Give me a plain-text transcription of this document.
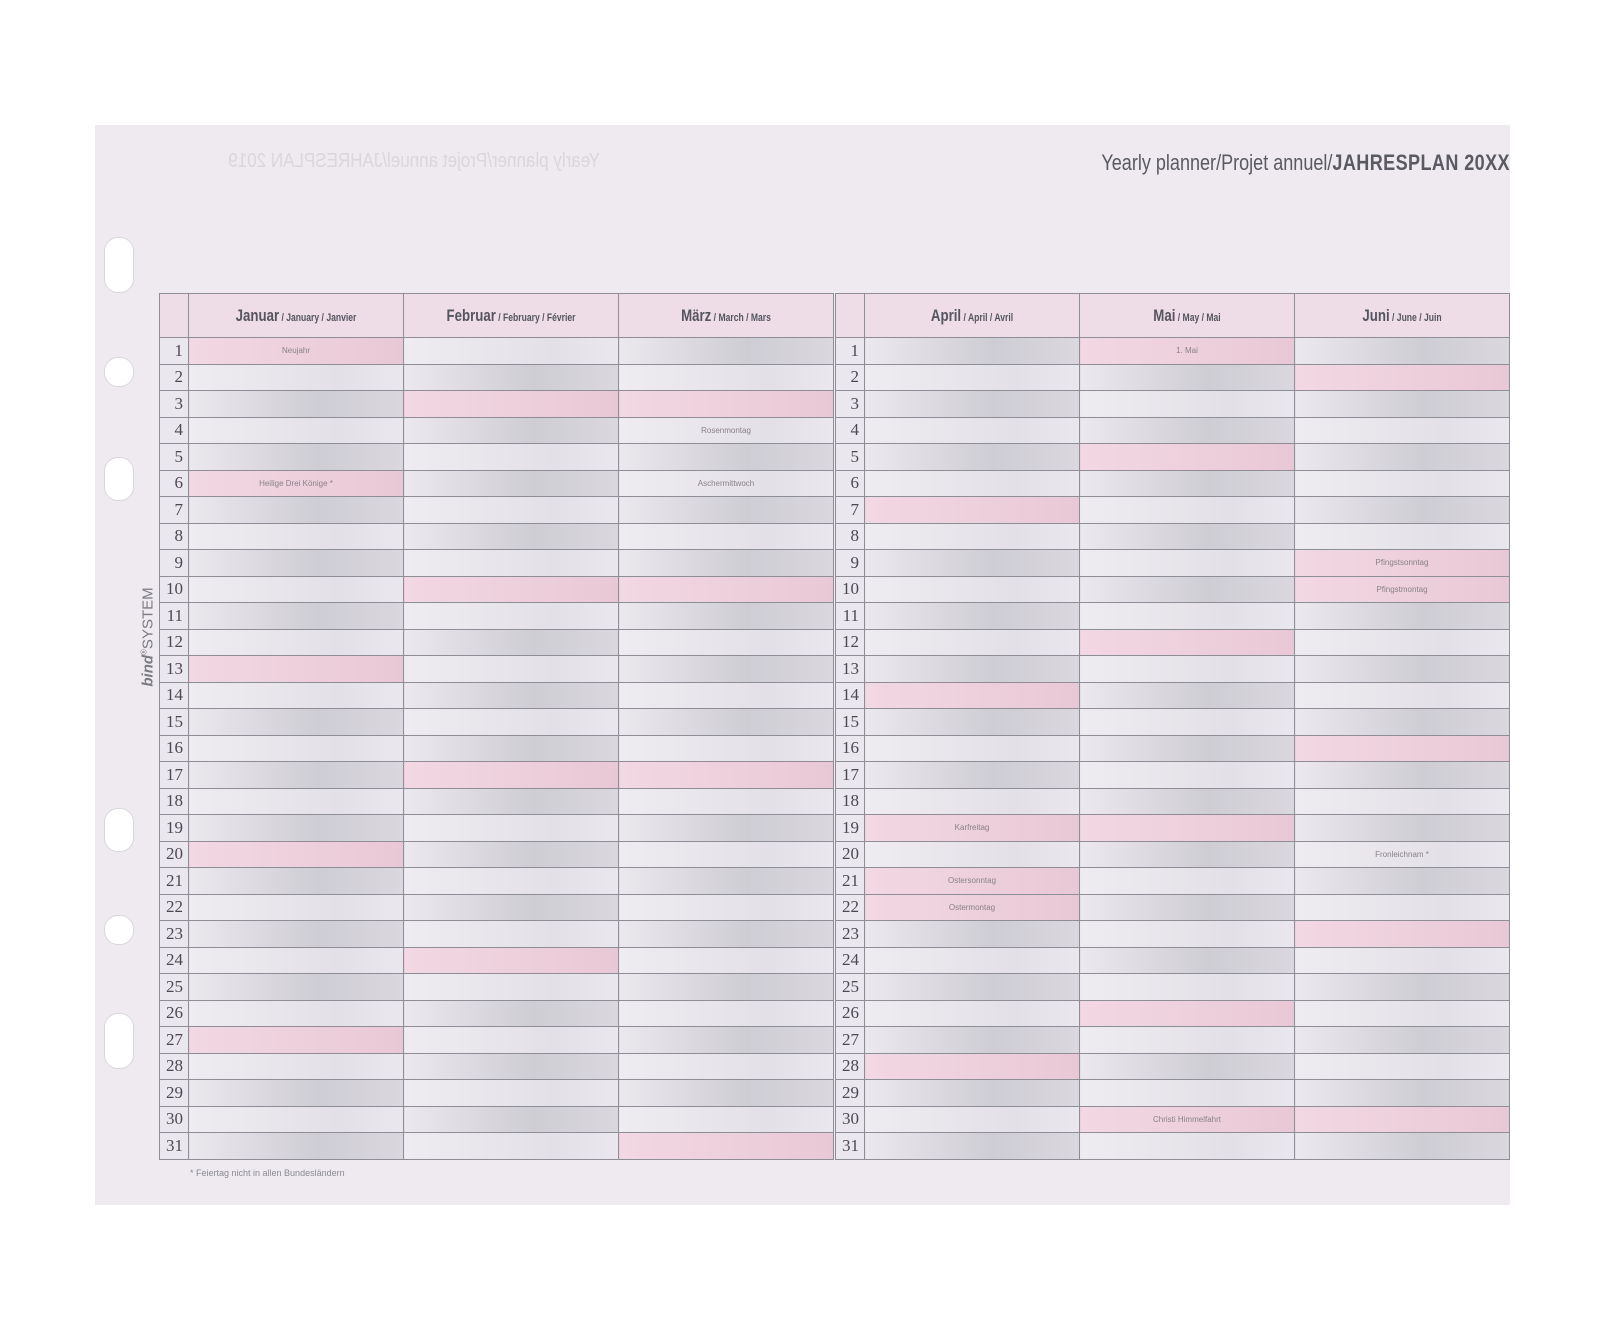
Yearly planner/Projet annuel/JAHRESPLAN 2019	Yearly planner/Projet annuel/JAHRESPLAN 20XX
bind®SYSTEM

	Januar / January / Janvier	Februar / February / Février	März / March / Mars

1	Neujahr		
2			
3			
4			Rosenmontag
5			
6	Heilige Drei Könige *		Aschermittwoch
7			
8			
9			
10			
11			
12			
13			
14			
15			
16			
17			
18			
19			
20			
21			
22			
23			
24			
25			
26			
27			
28			
29			
30			
31			

	April / April / Avril	Mai / May / Mai	Juni / June / Juin

1		1. Mai	
2			
3			
4			
5			
6			
7			
8			
9			Pfingstsonntag
10			Pfingstmontag
11			
12			
13			
14			
15			
16			
17			
18			
19	Karfreitag		
20			Fronleichnam *
21	Ostersonntag		
22	Ostermontag		
23			
24			
25			
26			
27			
28			
29			
30		Christi Himmelfahrt	
31			
* Feiertag nicht in allen Bundesländern
